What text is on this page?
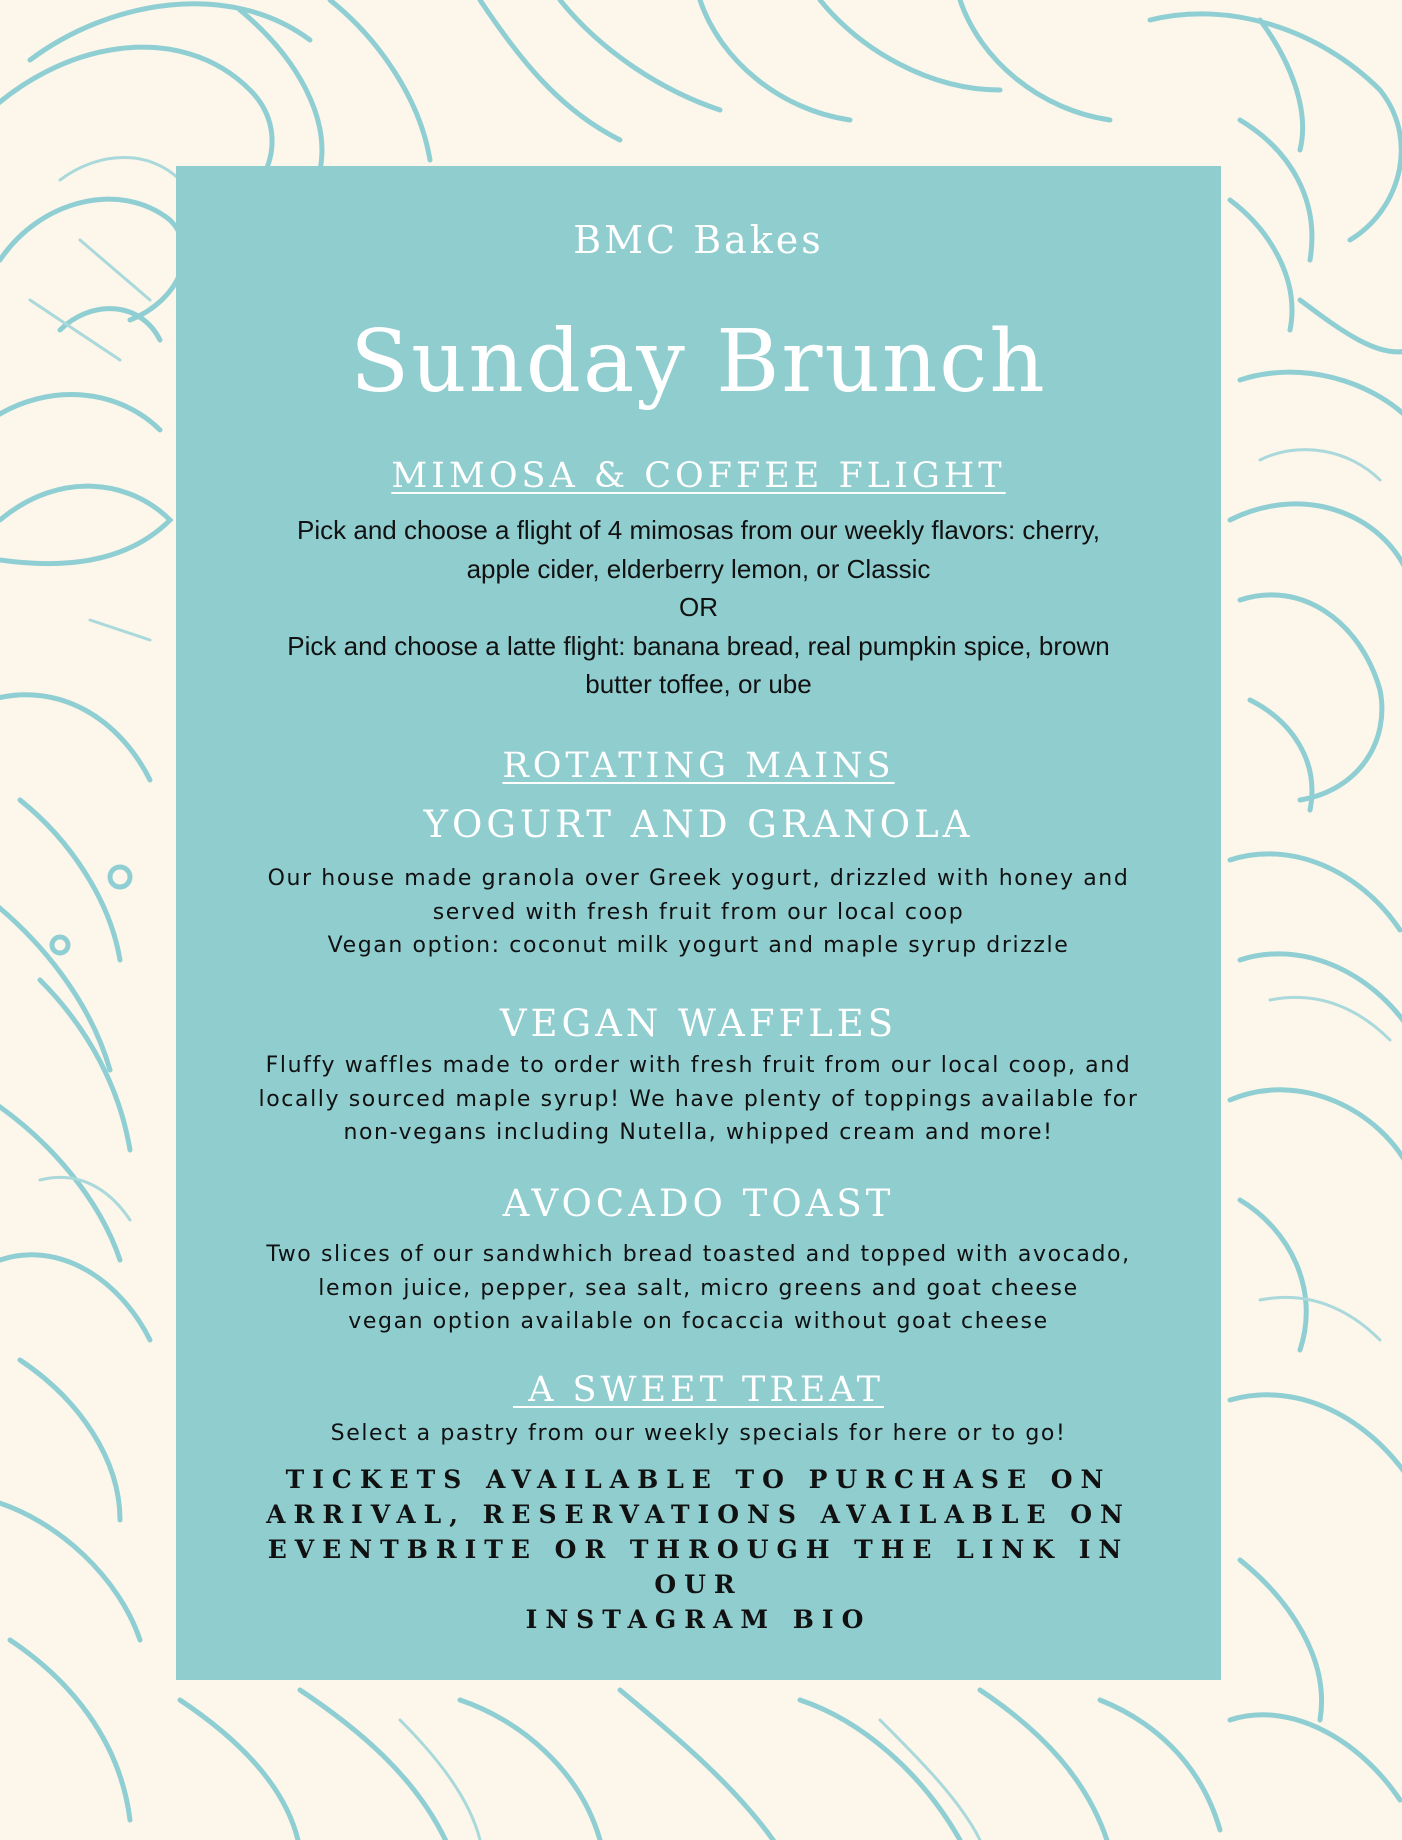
BMC Bakes
Sunday Brunch
MIMOSA & COFFEE FLIGHT
Pick and choose a flight of 4 mimosas from our weekly flavors: cherry,
apple cider, elderberry lemon, or Classic
OR
Pick and choose a latte flight: banana bread, real pumpkin spice, brown
butter toffee, or ube
ROTATING MAINS
YOGURT AND GRANOLA
Our house made granola over Greek yogurt, drizzled with honey and
served with fresh fruit from our local coop
Vegan option: coconut milk yogurt and maple syrup drizzle
VEGAN WAFFLES
Fluffy waffles made to order with fresh fruit from our local coop, and
locally sourced maple syrup! We have plenty of toppings available for
non-vegans including Nutella, whipped cream and more!
AVOCADO TOAST
Two slices of our sandwhich bread toasted and topped with avocado,
lemon juice, pepper, sea salt, micro greens and goat cheese
vegan option available on focaccia without goat cheese
A SWEET TREAT
Select a pastry from our weekly specials for here or to go!
TICKETS AVAILABLE TO PURCHASE ON
ARRIVAL, RESERVATIONS AVAILABLE ON
EVENTBRITE OR THROUGH THE LINK IN OUR
INSTAGRAM BIO
